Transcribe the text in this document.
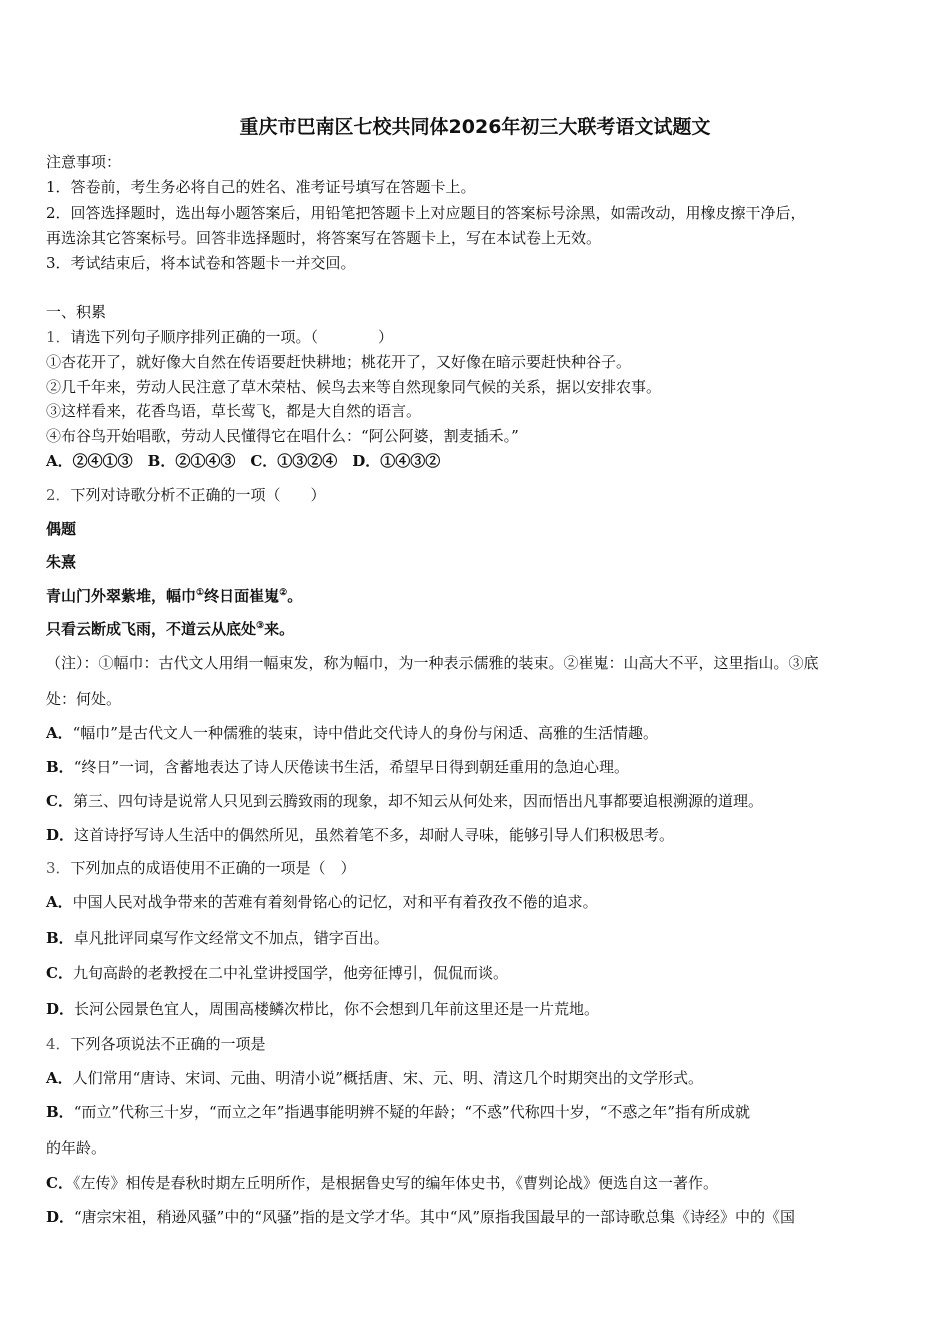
重庆市巴南区七校共同体2026年初三大联考语文试题文
注意事项：
1．答卷前，考生务必将自己的姓名、准考证号填写在答题卡上。
2．回答选择题时，选出每小题答案后，用铅笔把答题卡上对应题目的答案标号涂黑，如需改动，用橡皮擦干净后，
再选涂其它答案标号。回答非选择题时，将答案写在答题卡上，写在本试卷上无效。
3．考试结束后，将本试卷和答题卡一并交回。
一、积累
1．请选下列句子顺序排列正确的一项。（　　　　）
①杏花开了，就好像大自然在传语要赶快耕地；桃花开了，又好像在暗示要赶快种谷子。
②几千年来，劳动人民注意了草木荣枯、候鸟去来等自然现象同气候的关系，据以安排农事。
③这样看来，花香鸟语，草长莺飞，都是大自然的语言。
④布谷鸟开始唱歌，劳动人民懂得它在唱什么：“阿公阿婆，割麦插禾。”
A．②④①③　B．②①④③　C．①③②④　D．①④③②
2．下列对诗歌分析不正确的一项（　　）
偶题
朱熹
青山门外翠紫堆，幅巾①终日面崔嵬②。
只看云断成飞雨，不道云从底处③来。
（注）：①幅巾：古代文人用绢一幅束发，称为幅巾，为一种表示儒雅的装束。②崔嵬：山高大不平，这里指山。③底
处：何处。
A．“幅巾”是古代文人一种儒雅的装束，诗中借此交代诗人的身份与闲适、高雅的生活情趣。
B．“终日”一词，含蓄地表达了诗人厌倦读书生活，希望早日得到朝廷重用的急迫心理。
C．第三、四句诗是说常人只见到云腾致雨的现象，却不知云从何处来，因而悟出凡事都要追根溯源的道理。
D．这首诗抒写诗人生活中的偶然所见，虽然着笔不多，却耐人寻味，能够引导人们积极思考。
3．下列加点的成语使用不正确的一项是（　）
A．中国人民对战争带来的苦难有着刻骨铭心的记忆，对和平有着孜孜不倦的追求。
B．卓凡批评同桌写作文经常文不加点，错字百出。
C．九旬高龄的老教授在二中礼堂讲授国学，他旁征博引，侃侃而谈。
D．长河公园景色宜人，周围高楼鳞次栉比，你不会想到几年前这里还是一片荒地。
4．下列各项说法不正确的一项是
A．人们常用“唐诗、宋词、元曲、明清小说”概括唐、宋、元、明、清这几个时期突出的文学形式。
B．“而立”代称三十岁，“而立之年”指遇事能明辨不疑的年龄；“不惑”代称四十岁，“不惑之年”指有所成就
的年龄。
C．《左传》相传是春秋时期左丘明所作，是根据鲁史写的编年体史书，《曹刿论战》便选自这一著作。
D．“唐宗宋祖，稍逊风骚”中的“风骚”指的是文学才华。其中“风”原指我国最早的一部诗歌总集《诗经》中的《国
